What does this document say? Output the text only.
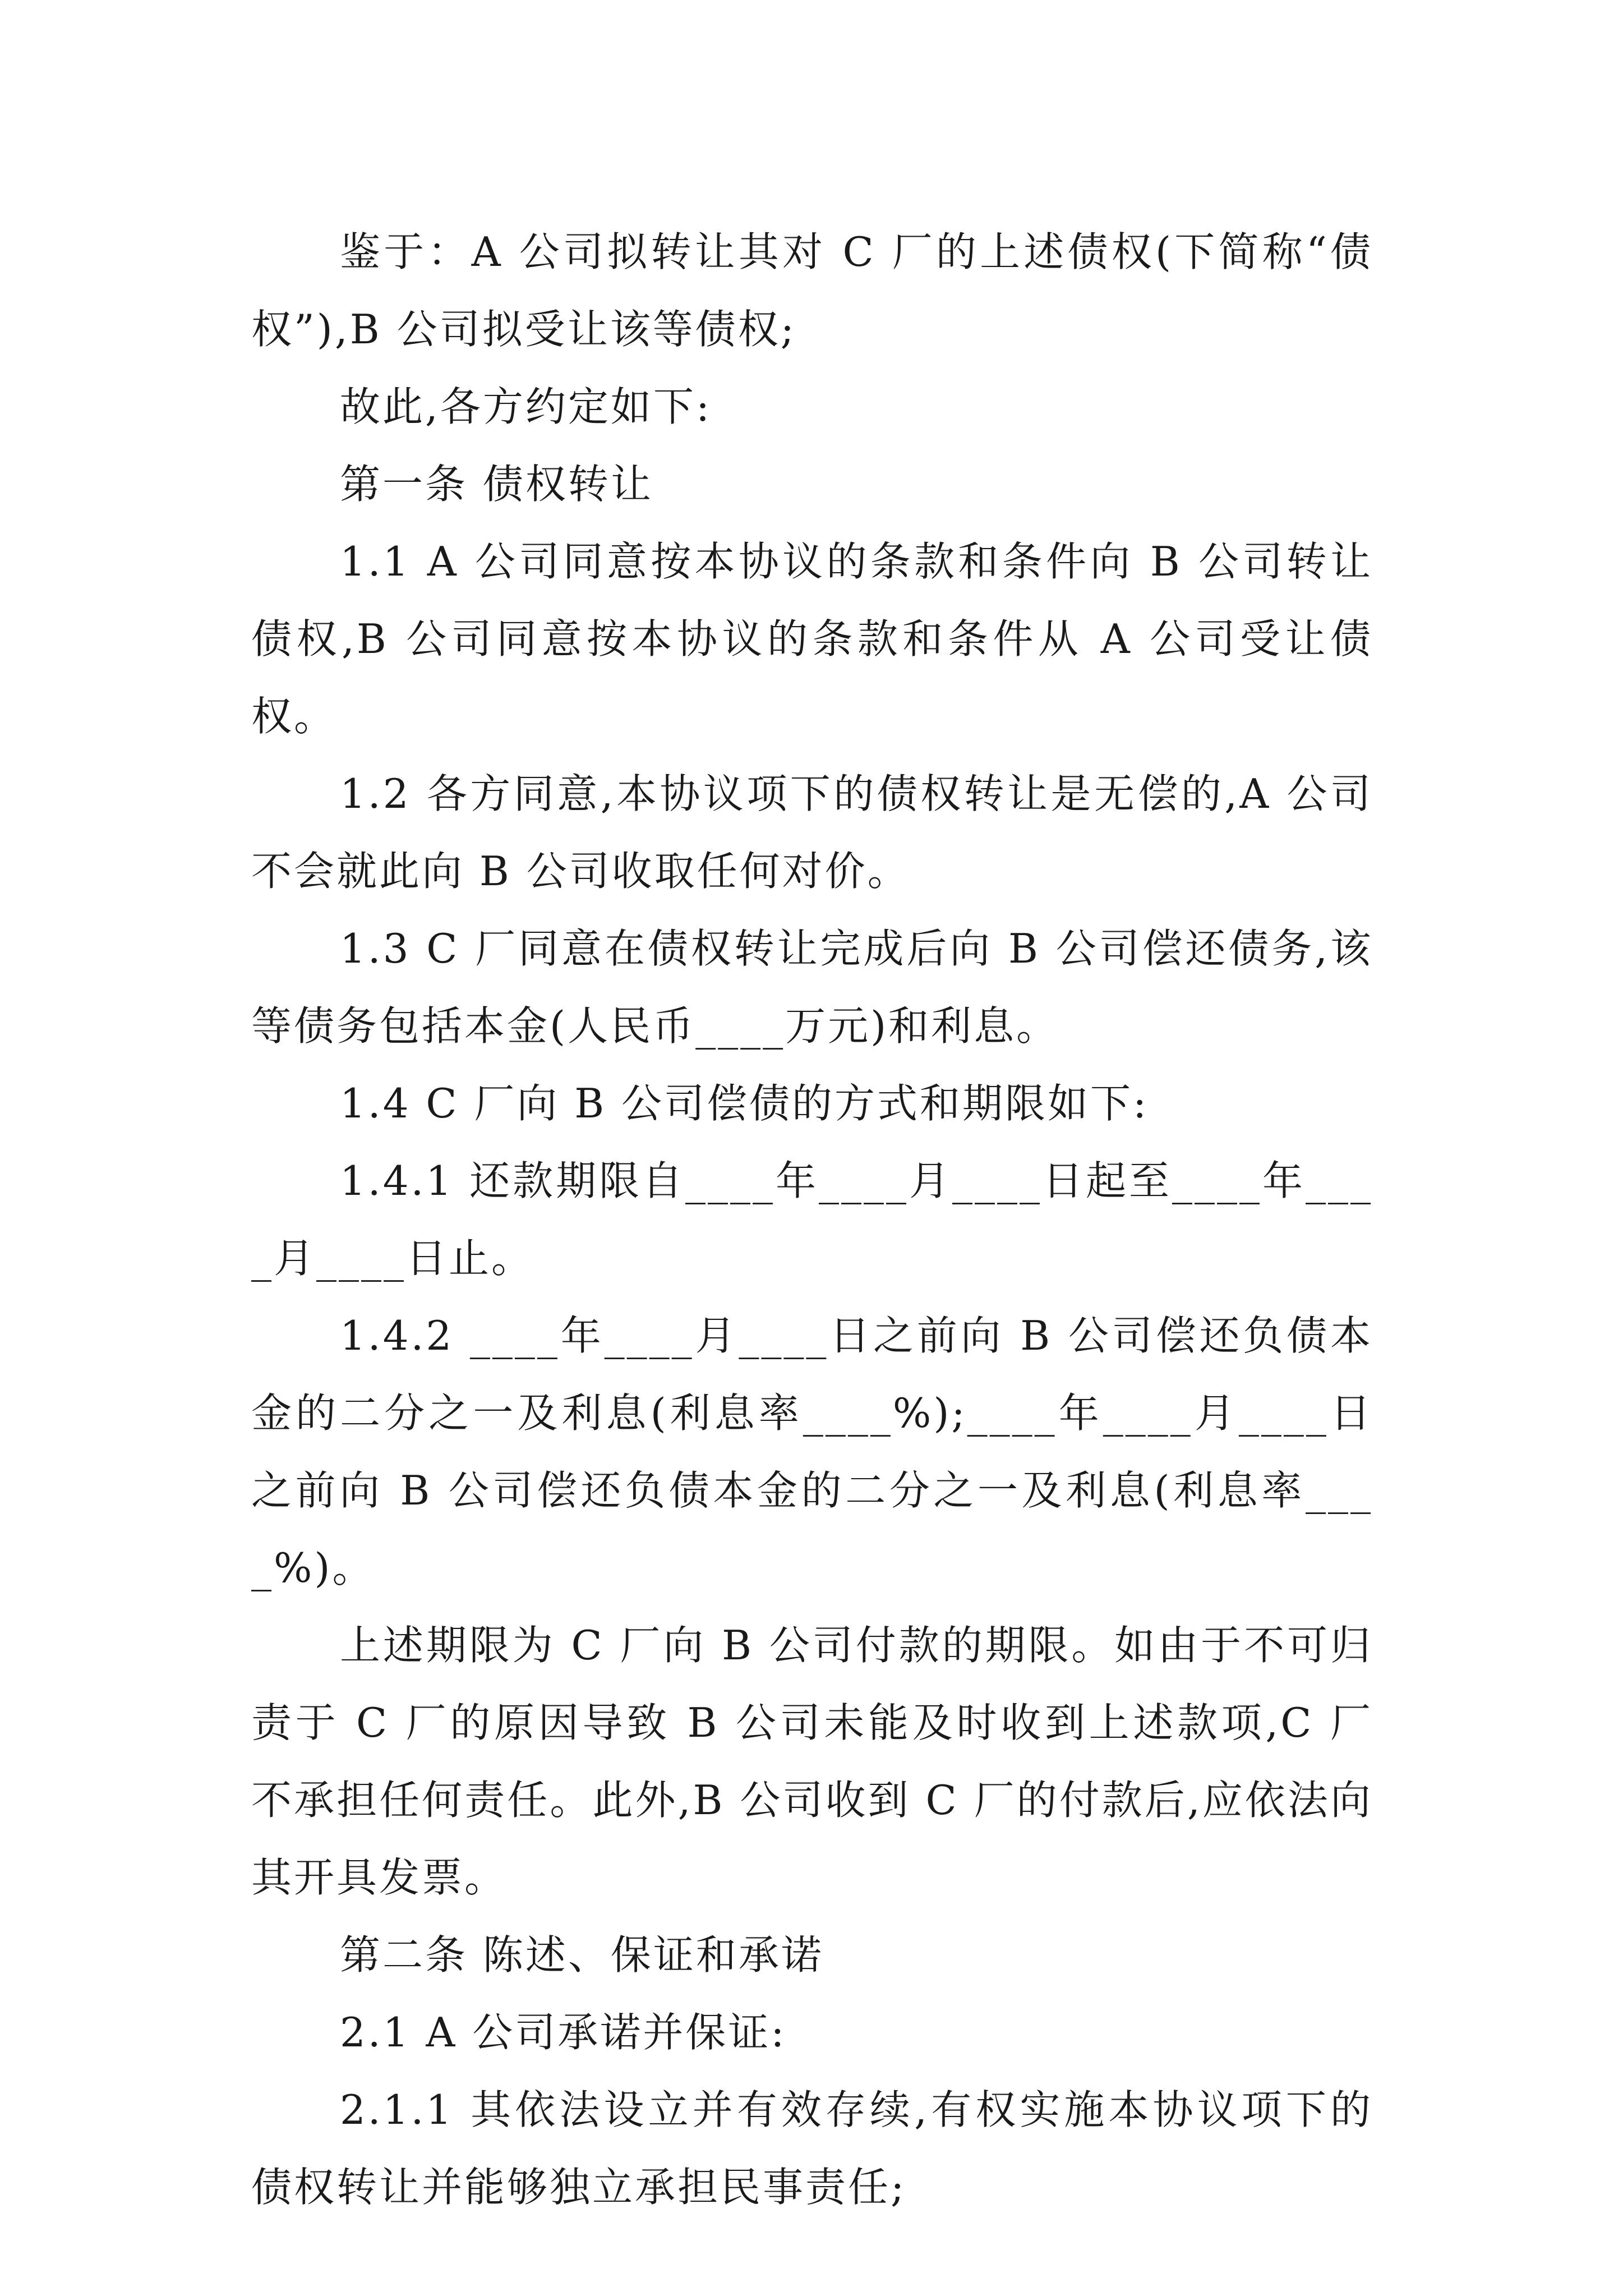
鉴于：A 公司拟转让其对 C 厂的上述债权(下简称“债权”),B 公司拟受让该等债权;

故此,各方约定如下:

第一条 债权转让

1.1 A 公司同意按本协议的条款和条件向 B 公司转让债权,B 公司同意按本协议的条款和条件从 A 公司受让债权。

1.2 各方同意,本协议项下的债权转让是无偿的,A 公司不会就此向 B 公司收取任何对价。

1.3 C 厂同意在债权转让完成后向 B 公司偿还债务,该等债务包括本金(人民币____万元)和利息。

1.4 C 厂向 B 公司偿债的方式和期限如下:

1.4.1 还款期限自____年____月____日起至____年____月____日止。

1.4.2 ____年____月____日之前向 B 公司偿还负债本金的二分之一及利息(利息率____%);____年____月____日之前向 B 公司偿还负债本金的二分之一及利息(利息率____%)。

上述期限为 C 厂向 B 公司付款的期限。如由于不可归责于 C 厂的原因导致 B 公司未能及时收到上述款项,C 厂不承担任何责任。此外,B 公司收到 C 厂的付款后,应依法向其开具发票。

第二条 陈述、保证和承诺

2.1 A 公司承诺并保证:

2.1.1 其依法设立并有效存续,有权实施本协议项下的债权转让并能够独立承担民事责任;
